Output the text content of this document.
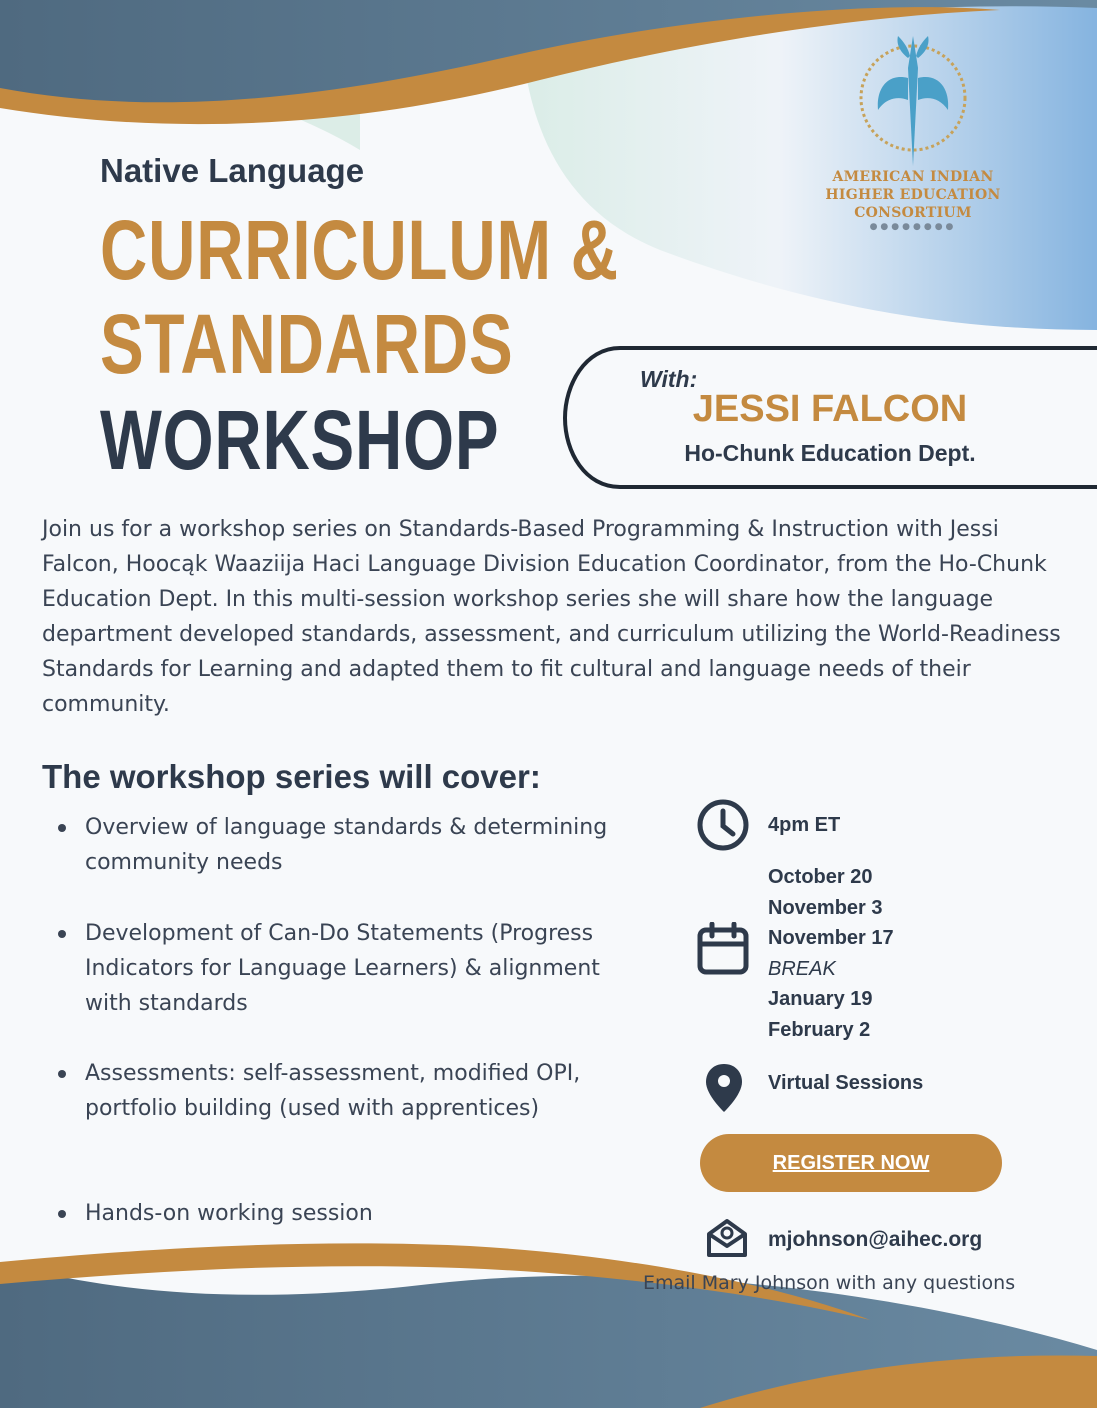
AMERICAN INDIAN
HIGHER EDUCATION
CONSORTIUM
●●●●●●●●
Native Language
CURRICULUM &
STANDARDS
WORKSHOP
With:
JESSI FALCON
Ho-Chunk Education Dept.

Join us for a workshop series on Standards-Based Programming & Instruction with Jessi Falcon, Hoocąk Waaziija Haci Language Division Education Coordinator, from the Ho-Chunk Education Dept. In this multi-session workshop series she will share how the language department developed standards, assessment, and curriculum utilizing the World-Readiness Standards for Learning and adapted them to fit cultural and language needs of their community.

The workshop series will cover:
Overview of language standards & determining community needs
Development of Can-Do Statements (Progress Indicators for Language Learners) & alignment with standards
Assessments: self-assessment, modified OPI, portfolio building (used with apprentices)
Hands-on working session
4pm ET
October 20
November 3
November 17
BREAK
January 19
February 2
Virtual Sessions
REGISTER NOW
mjohnson@aihec.org
Email Mary Johnson with any questions
